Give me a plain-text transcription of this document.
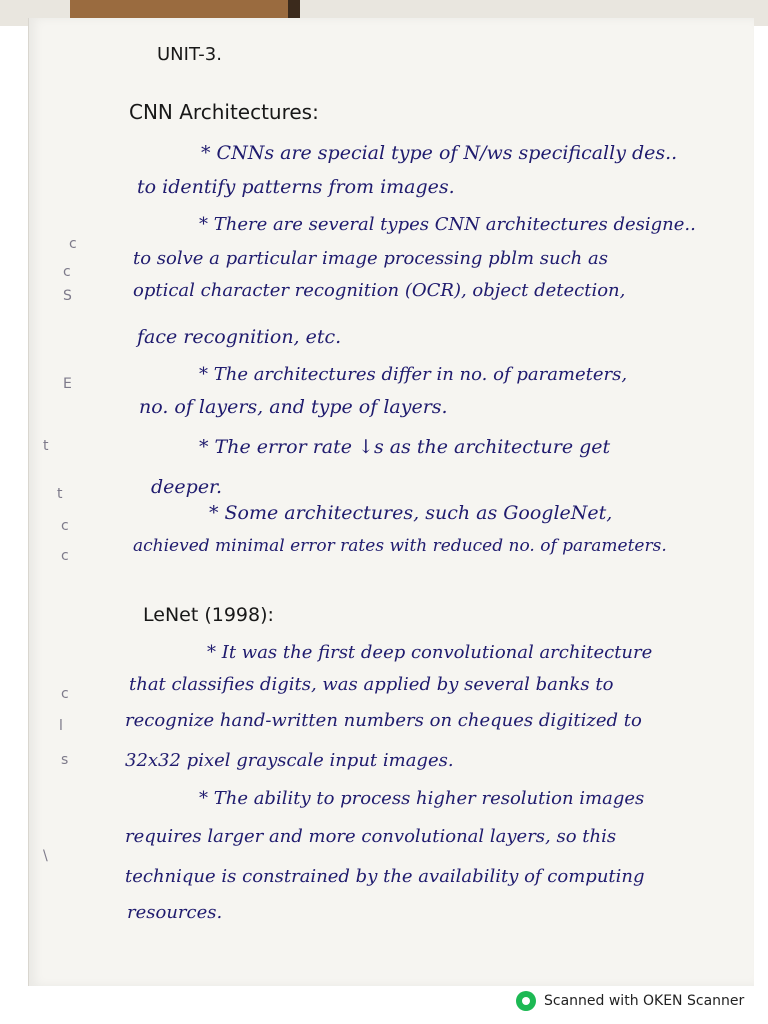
c
c
S
E
t
t
c
c
c
l
s
\
UNIT-3.
CNN Architectures:
* CNNs are special type of N/ws specifically des..
to identify patterns from images.
* There are several types CNN architectures designe..
to solve a particular image processing pblm such as
optical character recognition (OCR), object detection,
face recognition, etc.
* The architectures differ in no. of parameters,
no. of layers, and type of layers.
* The error rate ↓s as the architecture get
deeper.
* Some architectures, such as GoogleNet,
achieved minimal error rates with reduced no. of parameters.
LeNet (1998):
* It was the first deep convolutional architecture
that classifies digits, was applied by several banks to
recognize hand-written numbers on cheques digitized to
32x32 pixel grayscale input images.
* The ability to process higher resolution images
requires larger and more convolutional layers, so this
technique is constrained by the availability of computing
resources.
Scanned with OKEN Scanner
